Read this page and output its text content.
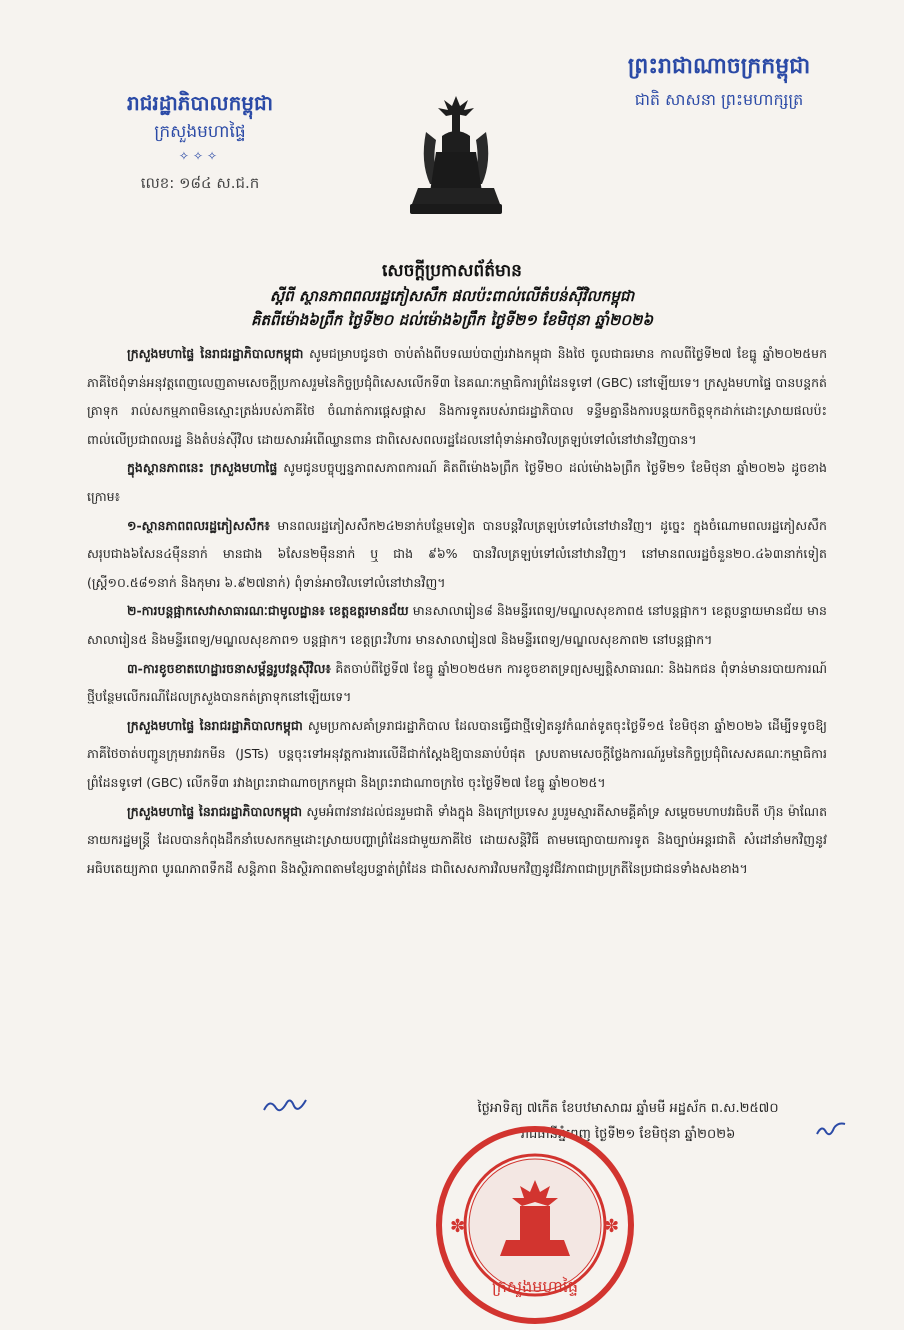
ព្រះរាជាណាចក្រកម្ពុជា
ជាតិ សាសនា ព្រះមហាក្សត្រ
រាជរដ្ឋាភិបាលកម្ពុជា
ក្រសួងមហាផ្ទៃ
✧✧✧
លេខ: ១៨៤ ស.ជ.ក
សេចក្តីប្រកាសព័ត៌មាន
ស្តីពី ស្ថានភាពពលរដ្ឋភៀសសឹក ផលប៉ះពាល់លើតំបន់ស៊ីវិលកម្ពុជា
គិតពីម៉ោង៦ព្រឹក ថ្ងៃទី២០ ដល់ម៉ោង៦ព្រឹក ថ្ងៃទី២១ ខែមិថុនា ឆ្នាំ២០២៦

ក្រសួងមហាផ្ទៃ នៃរាជរដ្ឋាភិបាលកម្ពុជា សូមជម្រាបជូនថា ចាប់តាំងពីបទឈប់បាញ់រវាងកម្ពុជា និងថៃ ចូលជាធរមាន កាលពីថ្ងៃទី២៧ ខែធ្នូ ឆ្នាំ២០២៥មក ភាគីថៃពុំទាន់អនុវត្តពេញលេញតាមសេចក្តីប្រកាសរួមនៃកិច្ចប្រជុំពិសេសលើកទី៣ នៃគណៈកម្មាធិការព្រំដែនទូទៅ (GBC) នៅឡើយទេ។ ក្រសួងមហាផ្ទៃ បានបន្តកត់ត្រាទុក រាល់សកម្មភាពមិនស្មោះត្រង់របស់ភាគីថៃ ចំណាត់ការផ្តេសផ្តាស និងការទូតរបស់រាជរដ្ឋាភិបាល ទន្ទឹមគ្នានឹងការបន្តយកចិត្តទុកដាក់ដោះស្រាយផលប៉ះពាល់លើប្រជាពលរដ្ឋ និងតំបន់ស៊ីវិល ដោយសារអំពើឈ្លានពាន ជាពិសេសពលរដ្ឋដែលនៅពុំទាន់អាចវិលត្រឡប់ទៅលំនៅឋានវិញបាន។

ក្នុងស្ថានភាពនេះ ក្រសួងមហាផ្ទៃ សូមជូនបច្ចុប្បន្នភាពសភាពការណ៍ គិតពីម៉ោង៦ព្រឹក ថ្ងៃទី២០ ដល់ម៉ោង៦ព្រឹក ថ្ងៃទី២១ ខែមិថុនា ឆ្នាំ២០២៦ ដូចខាងក្រោម៖

១-ស្ថានភាពពលរដ្ឋភៀសសឹក៖ មានពលរដ្ឋភៀសសឹក២៤២នាក់បន្ថែមទៀត បានបន្តវិលត្រឡប់ទៅលំនៅឋានវិញ។ ដូច្នេះ ក្នុងចំណោមពលរដ្ឋភៀសសឹកសរុបជាង៦សែន៤ម៉ឺននាក់ មានជាង ៦សែន២ម៉ឺននាក់ ឬ ជាង ៩៦% បានវិលត្រឡប់ទៅលំនៅឋានវិញ។ នៅមានពលរដ្ឋចំនួន២០.៤៦៣នាក់ទៀត (ស្ត្រី១០.៥៨១នាក់ និងកុមារ ៦.៩២៧នាក់) ពុំទាន់អាចវិលទៅលំនៅឋានវិញ។

២-ការបន្តផ្អាកសេវាសាធារណៈជាមូលដ្ឋាន៖ ខេត្តឧត្តរមានជ័យ មានសាលារៀន៨ និងមន្ទីរពេទ្យ/មណ្ឌលសុខភាព៥ នៅបន្តផ្អាក។ ខេត្តបន្ទាយមានជ័យ មានសាលារៀន៥ និងមន្ទីរពេទ្យ/មណ្ឌលសុខភាព១ បន្តផ្អាក។ ខេត្តព្រះវិហារ មានសាលារៀន៧ និងមន្ទីរពេទ្យ/មណ្ឌលសុខភាព២ នៅបន្តផ្អាក។

៣-ការខូចខាតហេដ្ឋារចនាសម្ព័ន្ធរូបវន្តស៊ីវិល៖ គិតចាប់ពីថ្ងៃទី៧ ខែធ្នូ ឆ្នាំ២០២៥មក ការខូចខាតទ្រព្យសម្បត្តិសាធារណៈ និងឯកជន ពុំទាន់មានរបាយការណ៍ថ្មីបន្ថែមលើករណីដែលក្រសួងបានកត់ត្រាទុកនៅឡើយទេ។

ក្រសួងមហាផ្ទៃ នៃរាជរដ្ឋាភិបាលកម្ពុជា សូមប្រកាសគាំទ្ររាជរដ្ឋាភិបាល ដែលបានធ្វើជាថ្មីទៀតនូវកំណត់ទូតចុះថ្ងៃទី១៥ ខែមិថុនា ឆ្នាំ២០២៦ ដើម្បីទទូចឱ្យភាគីថៃចាត់បញ្ជូនក្រុមរាវរកមីន (JSTs) បន្តចុះទៅអនុវត្តការងារលើដីជាក់ស្តែងឱ្យបានឆាប់បំផុត ស្របតាមសេចក្តីថ្លែងការណ៍រួមនៃកិច្ចប្រជុំពិសេសគណៈកម្មាធិការព្រំដែនទូទៅ (GBC) លើកទី៣ រវាងព្រះរាជាណាចក្រកម្ពុជា និងព្រះរាជាណាចក្រថៃ ចុះថ្ងៃទី២៧ ខែធ្នូ ឆ្នាំ២០២៥។

ក្រសួងមហាផ្ទៃ នៃរាជរដ្ឋាភិបាលកម្ពុជា សូមអំពាវនាវដល់ជនរួមជាតិ ទាំងក្នុង និងក្រៅប្រទេស រួបរួមស្មារតីសាមគ្គីគាំទ្រ សម្តេចមហាបវរធិបតី ហ៊ុន ម៉ាណែត នាយករដ្ឋមន្ត្រី ដែលបានកំពុងដឹកនាំបេសកកម្មដោះស្រាយបញ្ហាព្រំដែនជាមួយភាគីថៃ ដោយសន្តិវិធី តាមមធ្យោបាយការទូត និងច្បាប់អន្តរជាតិ សំដៅនាំមកវិញនូវអធិបតេយ្យភាព បូរណភាពទឹកដី សន្តិភាព និងស្ថិរភាពតាមខ្សែបន្ទាត់ព្រំដែន ជាពិសេសការវិលមកវិញនូវជីវភាពជាប្រក្រតីនៃប្រជាជនទាំងសងខាង។

ថ្ងៃអាទិត្យ ៧កើត ខែបឋមាសាឍ ឆ្នាំមមី អដ្ឋស័ក ព.ស.២៥៧០
រាជធានីភ្នំពេញ ថ្ងៃទី២១ ខែមិថុនា ឆ្នាំ២០២៦
✽	✽
ក្រសួងមហាផ្ទៃ
